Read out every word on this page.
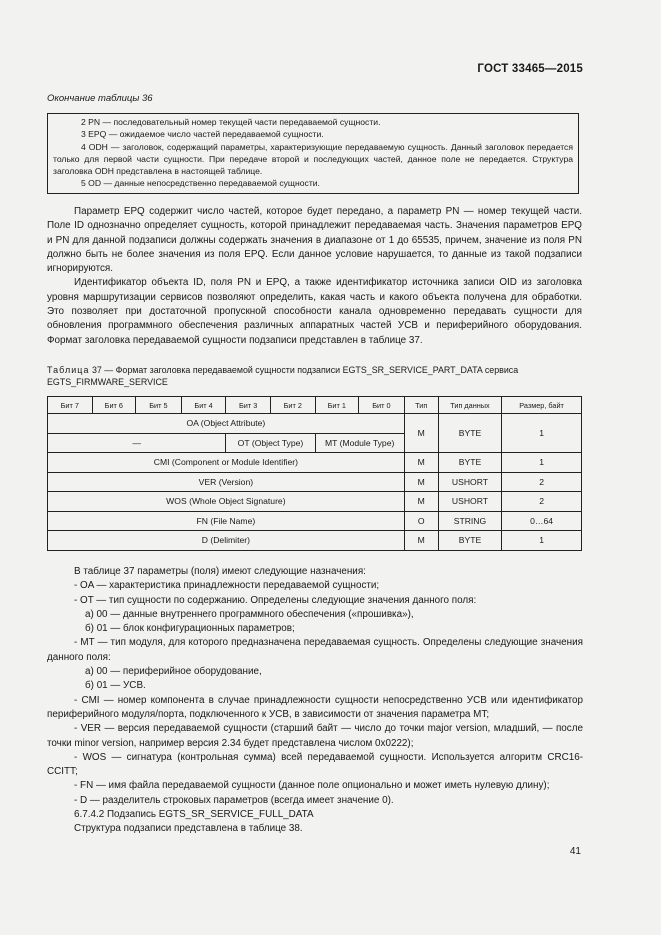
ГОСТ 33465—2015
Окончание таблицы 36

2 PN — последовательный номер текущей части передаваемой сущности.

3 EPQ — ожидаемое число частей передаваемой сущности.

4 ODH — заголовок, содержащий параметры, характеризующие передаваемую сущность. Данный заголовок передается только для первой части сущности. При передаче второй и последующих частей, данное поле не передается. Структура заголовка ODH представлена в настоящей таблице.

5 OD — данные непосредственно передаваемой сущности.

Параметр EPQ содержит число частей, которое будет передано, а параметр PN — номер текущей части. Поле ID однозначно определяет сущность, которой принадлежит передаваемая часть. Значения параметров EPQ и PN для данной подзаписи должны содержать значения в диапазоне от 1 до 65535, причем, значение из поля PN должно быть не более значения из поля EPQ. Если данное условие нарушается, то данные из такой подзаписи игнорируются.

Идентификатор объекта ID, поля PN и EPQ, а также идентификатор источника записи OID из заголовка уровня маршрутизации сервисов позволяют определить, какая часть и какого объекта получена для обработки. Это позволяет при достаточной пропускной способности канала одновременно передавать сущности для обновления программного обеспечения различных аппаратных частей УСВ и периферийного оборудования. Формат заголовка передаваемой сущности подзаписи представлен в таблице 37.

Таблица 37 — Формат заголовка передаваемой сущности подзаписи EGTS_SR_SERVICE_PART_DATA сервиса EGTS_FIRMWARE_SERVICE
Бит 7	Бит 6	Бит 5	Бит 4	Бит 3	Бит 2	Бит 1	Бит 0	Тип	Тип данных	Размер, байт
OA (Object Attribute)								M	BYTE	1
—				OT (Object Type)		MT (Module Type)				
CMI (Component or Module Identifier)								M	BYTE	1
VER (Version)								M	USHORT	2
WOS (Whole Object Signature)								M	USHORT	2
FN (File Name)								O	STRING	0…64
D (Delimiter)								M	BYTE	1

В таблице 37 параметры (поля) имеют следующие назначения:

- OA — характеристика принадлежности передаваемой сущности;

- OT — тип сущности по содержанию. Определены следующие значения данного поля:

а) 00 — данные внутреннего программного обеспечения («прошивка»),

б) 01 — блок конфигурационных параметров;

- MT — тип модуля, для которого предназначена передаваемая сущность. Определены следующие значения данного поля:

а) 00 — периферийное оборудование,

б) 01 — УСВ.

- CMI — номер компонента в случае принадлежности сущности непосредственно УСВ или идентификатор периферийного модуля/порта, подключенного к УСВ, в зависимости от значения параметра MT;

- VER — версия передаваемой сущности (старший байт — число до точки major version, младший, — после точки minor version, например версия 2.34 будет представлена числом 0x0222);

- WOS — сигнатура (контрольная сумма) всей передаваемой сущности. Используется алгоритм CRC16-CCITT;

- FN — имя файла передаваемой сущности (данное поле опционально и может иметь нулевую длину);

- D — разделитель строковых параметров (всегда имеет значение 0).

6.7.4.2 Подзапись EGTS_SR_SERVICE_FULL_DATA

Структура подзаписи представлена в таблице 38.

41
